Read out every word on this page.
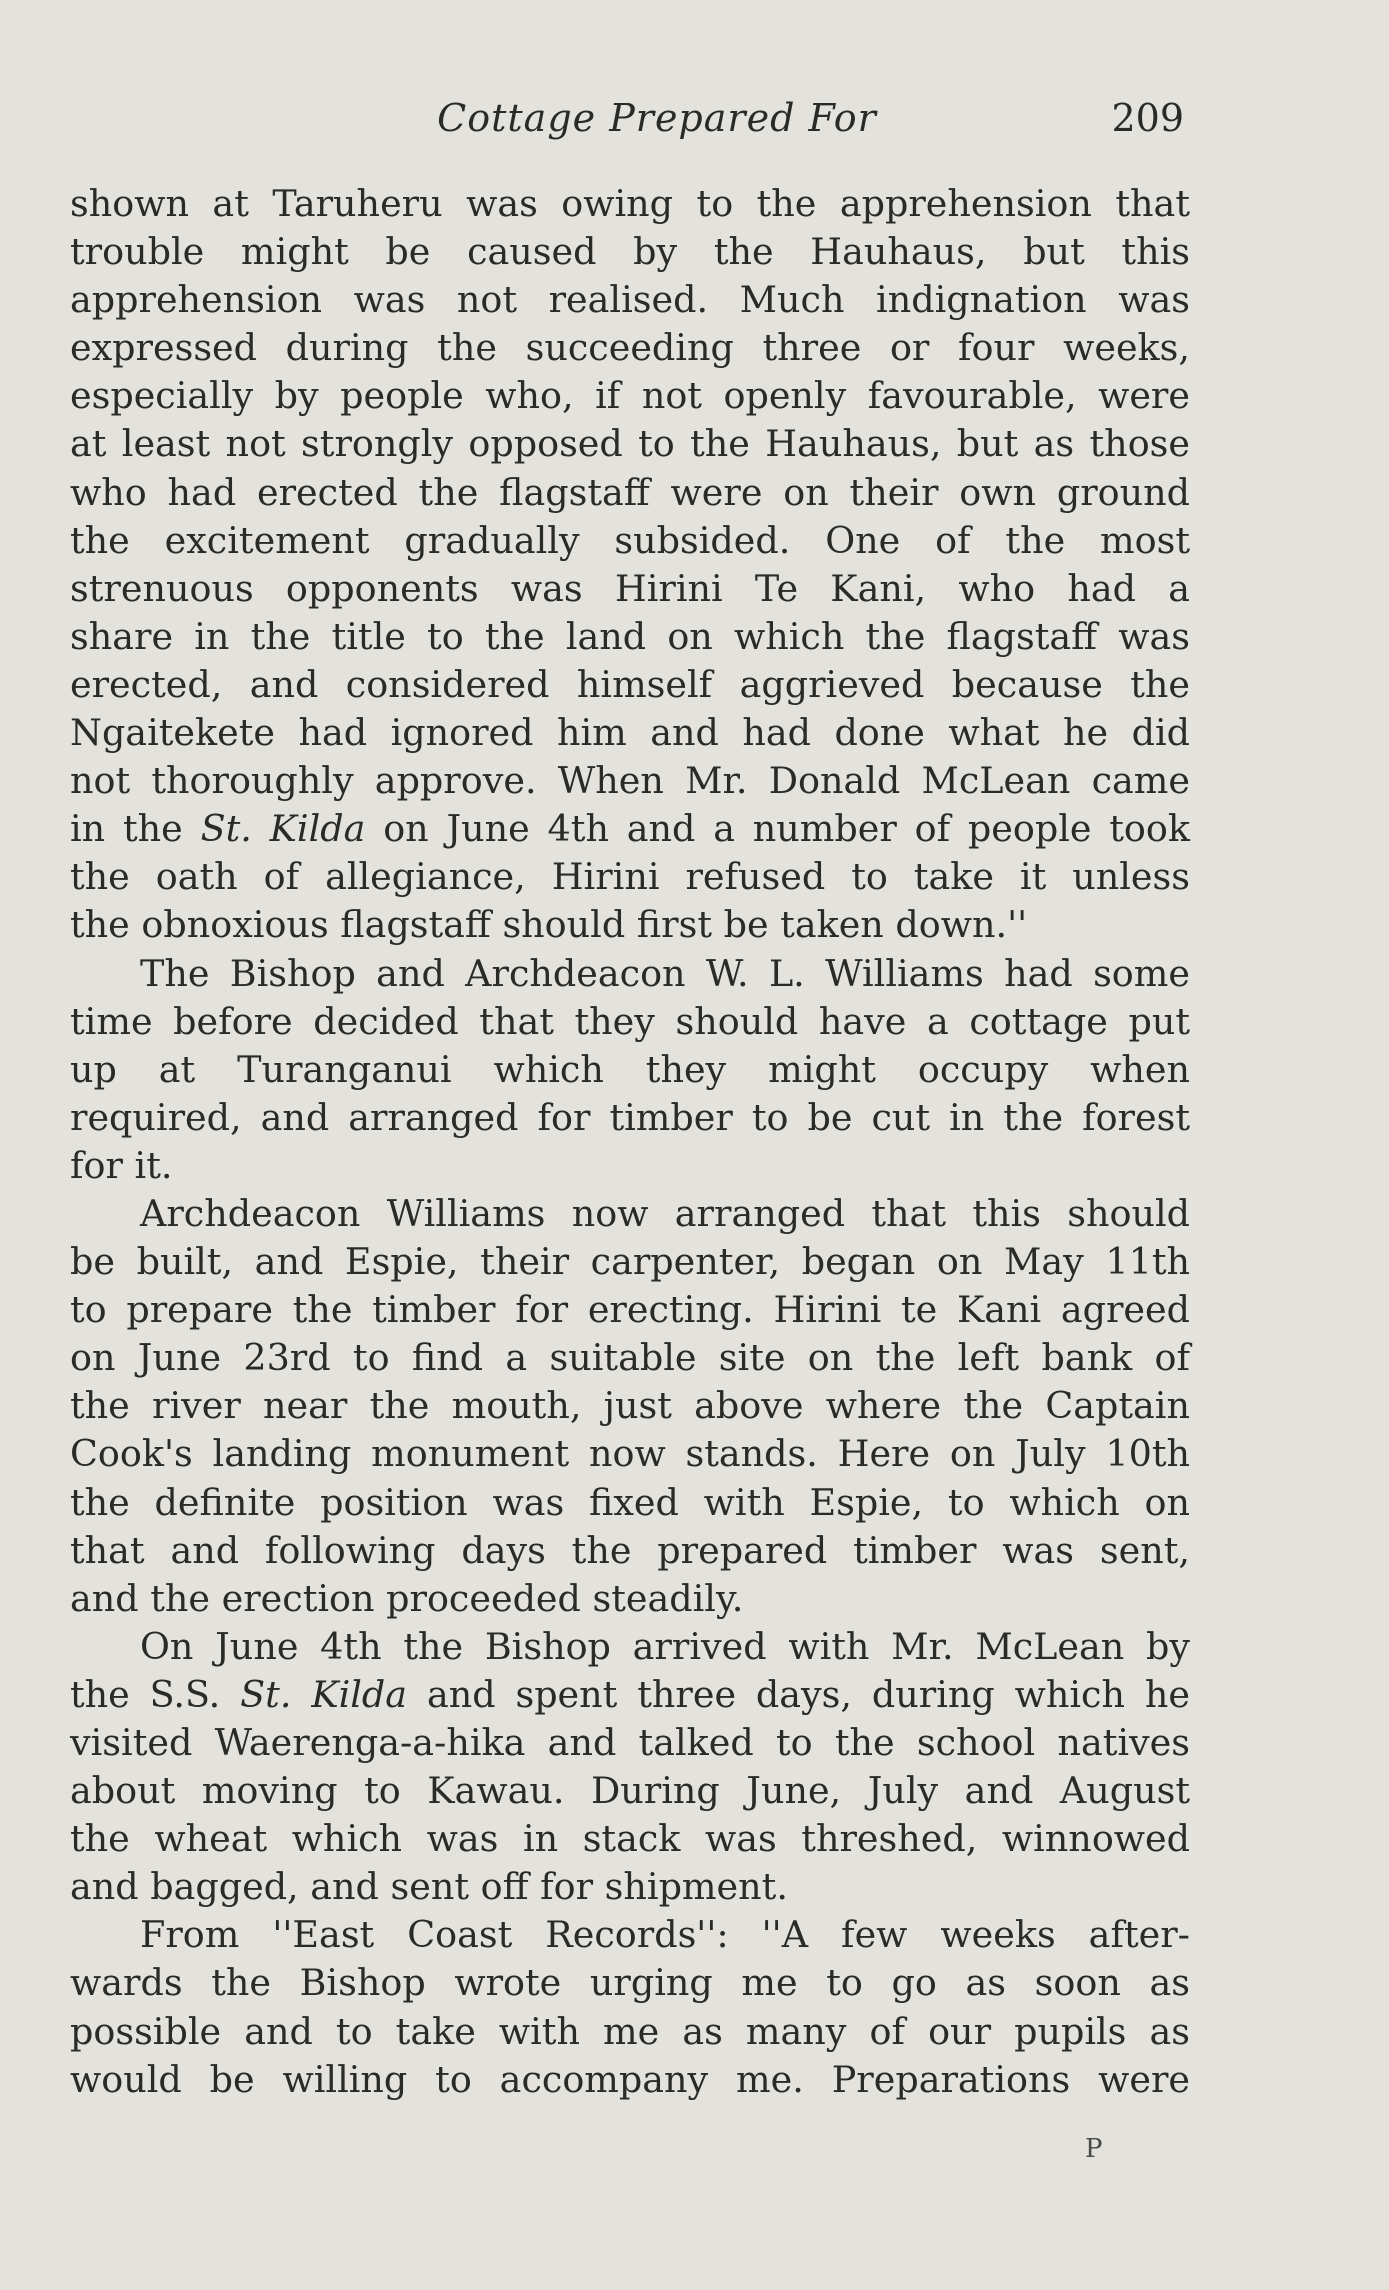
Cottage Prepared For	209
shown at Taruheru was owing to the apprehension that
trouble might be caused by the Hauhaus, but this
apprehension was not realised. Much indignation was
expressed during the succeeding three or four weeks,
especially by people who, if not openly favourable, were
at least not strongly opposed to the Hauhaus, but as those
who had erected the flagstaff were on their own ground
the excitement gradually subsided. One of the most
strenuous opponents was Hirini Te Kani, who had a
share in the title to the land on which the flagstaff was
erected, and considered himself aggrieved because the
Ngaitekete had ignored him and had done what he did
not thoroughly approve. When Mr. Donald McLean came
in the St. Kilda on June 4th and a number of people took
the oath of allegiance, Hirini refused to take it unless
the obnoxious flagstaff should first be taken down.''
The Bishop and Archdeacon W. L. Williams had some
time before decided that they should have a cottage put
up at Turanganui which they might occupy when
required, and arranged for timber to be cut in the forest
for it.
Archdeacon Williams now arranged that this should
be built, and Espie, their carpenter, began on May 11th
to prepare the timber for erecting. Hirini te Kani agreed
on June 23rd to find a suitable site on the left bank of
the river near the mouth, just above where the Captain
Cook's landing monument now stands. Here on July 10th
the definite position was fixed with Espie, to which on
that and following days the prepared timber was sent,
and the erection proceeded steadily.
On June 4th the Bishop arrived with Mr. McLean by
the S.S. St. Kilda and spent three days, during which he
visited Waerenga-a-hika and talked to the school natives
about moving to Kawau. During June, July and August
the wheat which was in stack was threshed, winnowed
and bagged, and sent off for shipment.
From ''East Coast Records'': ''A few weeks after-
wards the Bishop wrote urging me to go as soon as
possible and to take with me as many of our pupils as
would be willing to accompany me. Preparations were
P
